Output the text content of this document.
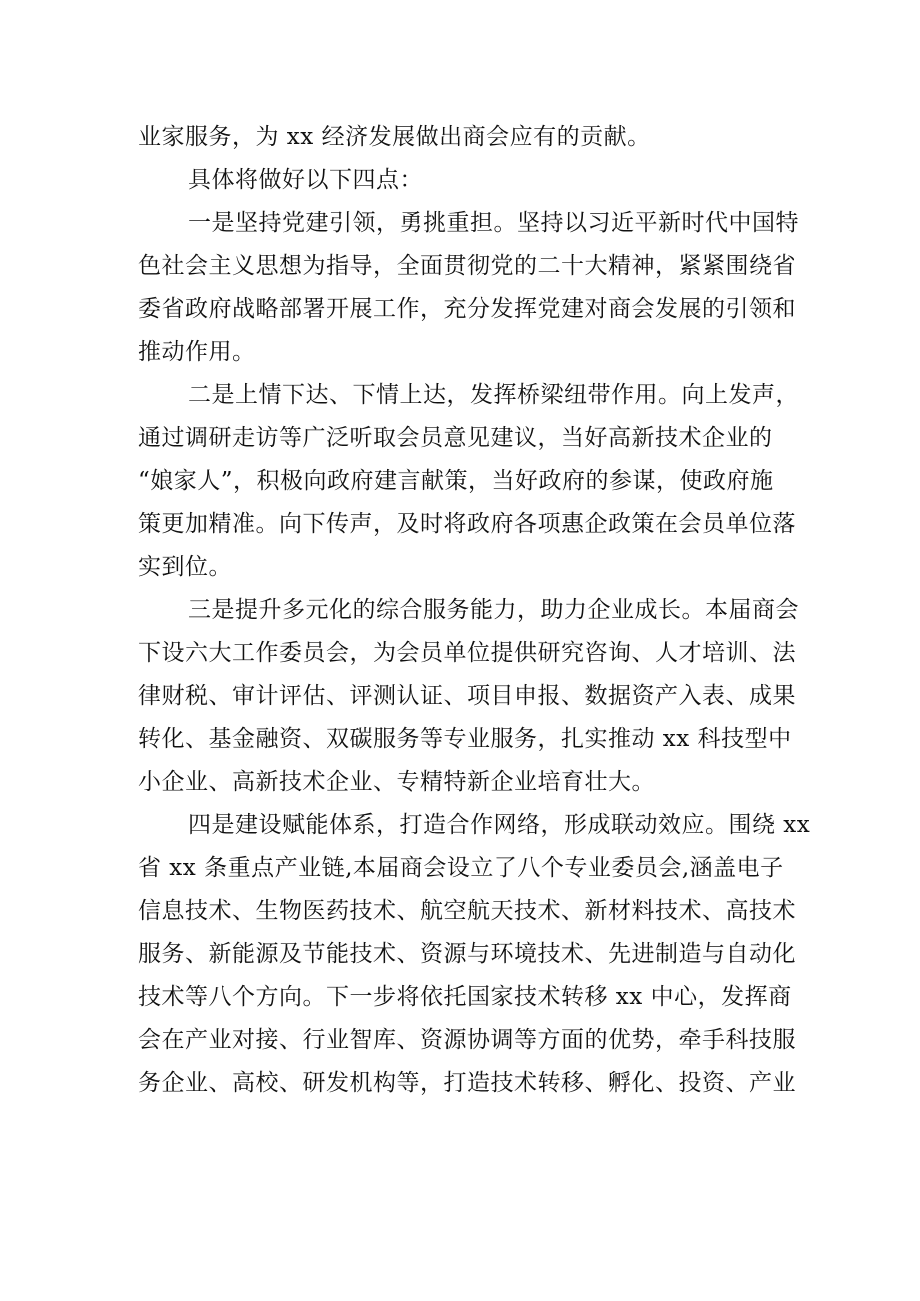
业家服务，为 xx 经济发展做出商会应有的贡献。
具体将做好以下四点：
一是坚持党建引领，勇挑重担。坚持以习近平新时代中国特
色社会主义思想为指导，全面贯彻党的二十大精神，紧紧围绕省
委省政府战略部署开展工作，充分发挥党建对商会发展的引领和
推动作用。
二是上情下达、下情上达，发挥桥梁纽带作用。向上发声，
通过调研走访等广泛听取会员意见建议，当好高新技术企业的
“娘家人”，积极向政府建言献策，当好政府的参谋，使政府施
策更加精准。向下传声，及时将政府各项惠企政策在会员单位落
实到位。
三是提升多元化的综合服务能力，助力企业成长。本届商会
下设六大工作委员会，为会员单位提供研究咨询、人才培训、法
律财税、审计评估、评测认证、项目申报、数据资产入表、成果
转化、基金融资、双碳服务等专业服务，扎实推动 xx 科技型中
小企业、高新技术企业、专精特新企业培育壮大。
四是建设赋能体系，打造合作网络，形成联动效应。围绕 xx
省 xx 条重点产业链,本届商会设立了八个专业委员会,涵盖电子
信息技术、生物医药技术、航空航天技术、新材料技术、高技术
服务、新能源及节能技术、资源与环境技术、先进制造与自动化
技术等八个方向。下一步将依托国家技术转移 xx 中心，发挥商
会在产业对接、行业智库、资源协调等方面的优势，牵手科技服
务企业、高校、研发机构等，打造技术转移、孵化、投资、产业
